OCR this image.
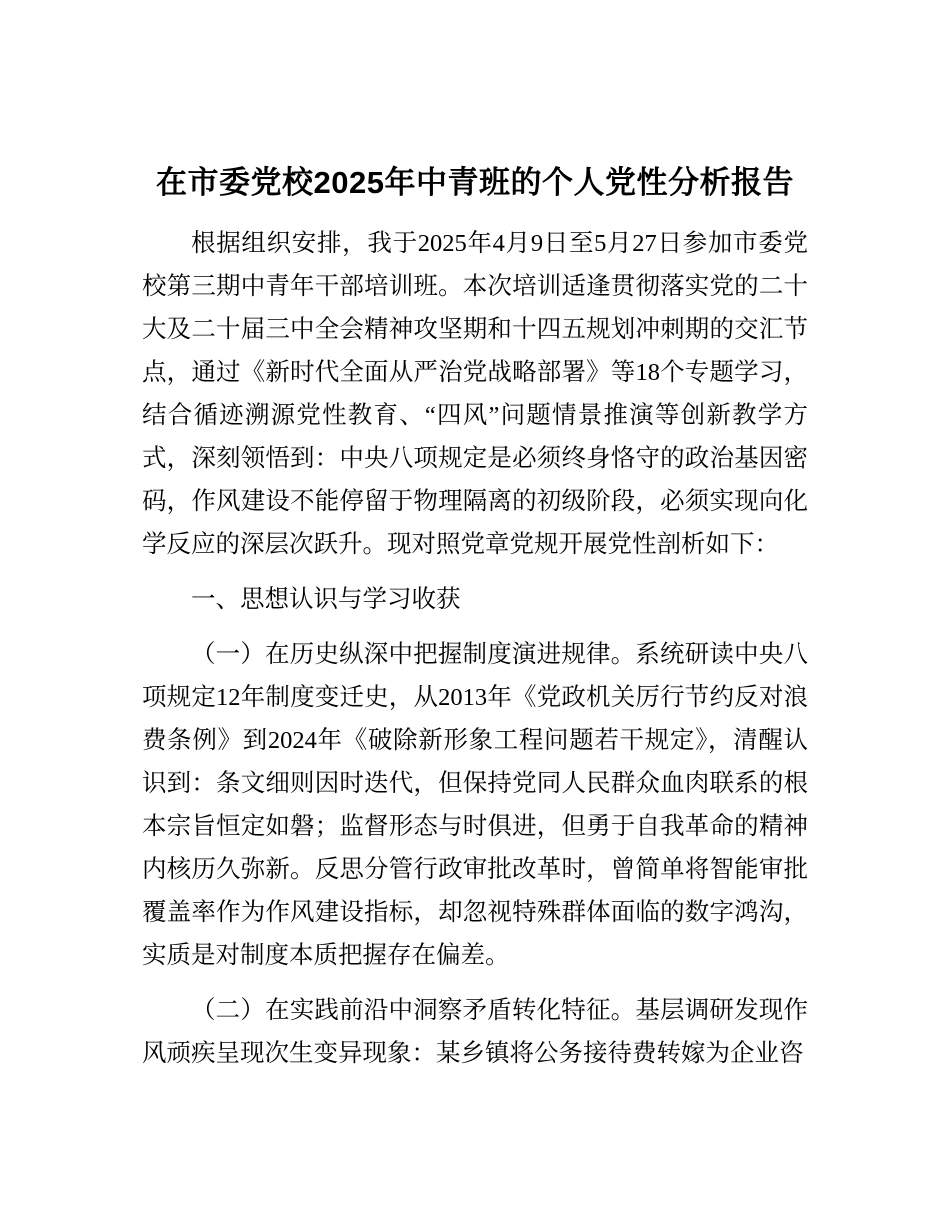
在市委党校2025年中青班的个人党性分析报告

根据组织安排，我于2025年4月9日至5月27日参加市委党校第三期中青年干部培训班。本次培训适逢贯彻落实党的二十大及二十届三中全会精神攻坚期和十四五规划冲刺期的交汇节点，通过《新时代全面从严治党战略部署》等18个专题学习，结合循迹溯源党性教育、“四风”问题情景推演等创新教学方式，深刻领悟到：中央八项规定是必须终身恪守的政治基因密码，作风建设不能停留于物理隔离的初级阶段，必须实现向化学反应的深层次跃升。现对照党章党规开展党性剖析如下：

一、思想认识与学习收获

（一）在历史纵深中把握制度演进规律。系统研读中央八项规定12年制度变迁史，从2013年《党政机关厉行节约反对浪费条例》到2024年《破除新形象工程问题若干规定》，清醒认识到：条文细则因时迭代，但保持党同人民群众血肉联系的根本宗旨恒定如磐；监督形态与时俱进，但勇于自我革命的精神内核历久弥新。反思分管行政审批改革时，曾简单将智能审批覆盖率作为作风建设指标，却忽视特殊群体面临的数字鸿沟，实质是对制度本质把握存在偏差。

（二）在实践前沿中洞察矛盾转化特征。基层调研发现作风顽疾呈现次生变异现象：某乡镇将公务接待费转嫁为企业咨
